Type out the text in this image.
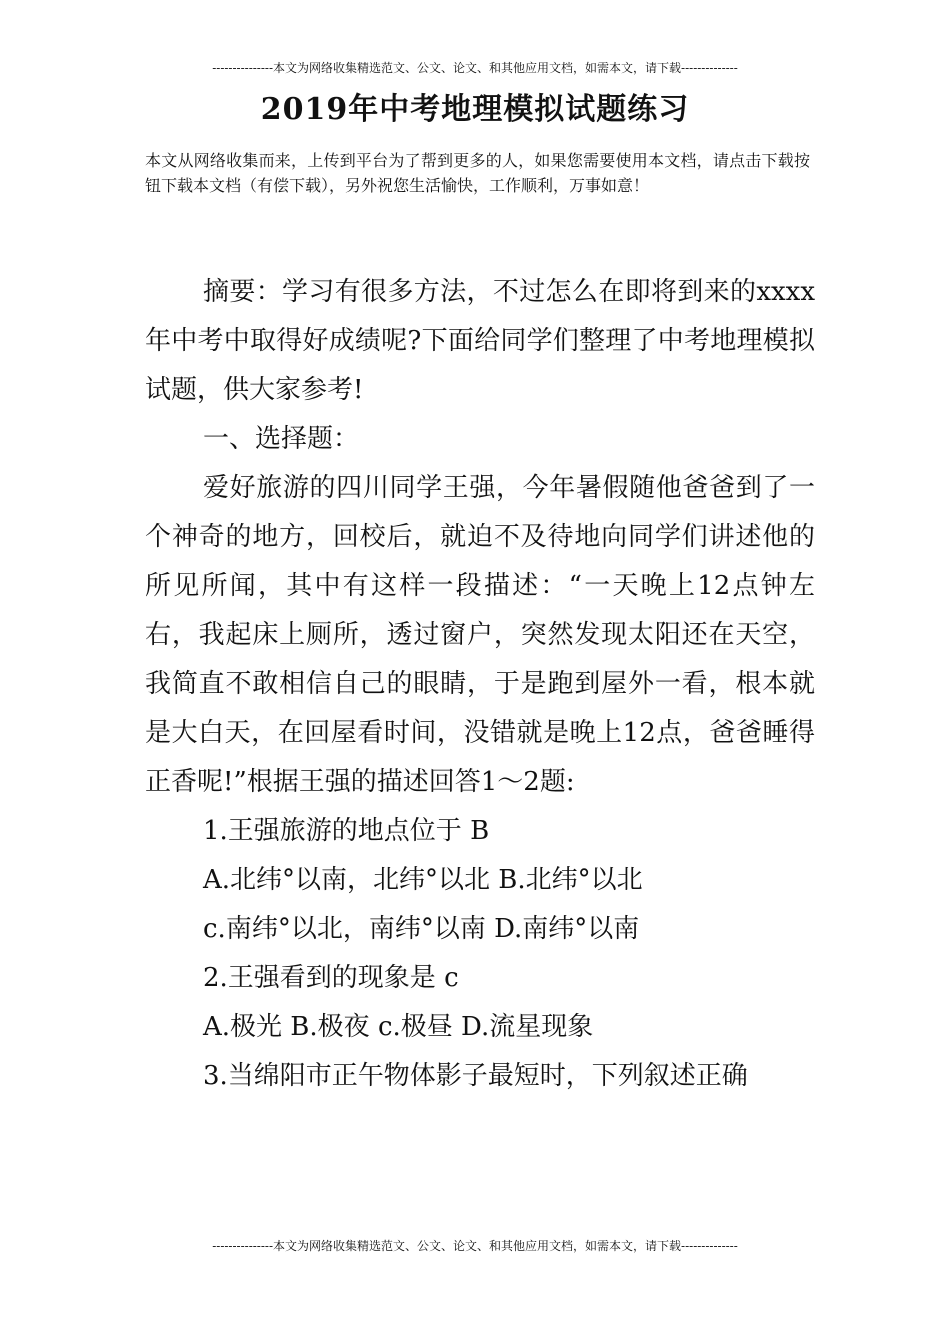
---------------本文为网络收集精选范文、公文、论文、和其他应用文档，如需本文，请下载--------------
2019年中考地理模拟试题练习
本文从网络收集而来，上传到平台为了帮到更多的人，如果您需要使用本文档，请点击下载按钮下载本文档（有偿下载），另外祝您生活愉快，工作顺利，万事如意！

摘要：学习有很多方法，不过怎么在即将到来的xxxx 年中考中取得好成绩呢?下面给同学们整理了中考地理模拟试题，供大家参考!

一、选择题：

爱好旅游的四川同学王强，今年暑假随他爸爸到了一个神奇的地方，回校后，就迫不及待地向同学们讲述他的所见所闻，其中有这样一段描述：“一天晚上12点钟左右，我起床上厕所，透过窗户，突然发现太阳还在天空，我简直不敢相信自己的眼睛，于是跑到屋外一看，根本就是大白天，在回屋看时间，没错就是晚上12点，爸爸睡得正香呢!”根据王强的描述回答1～2题:

1.王强旅游的地点位于 B

A.北纬°以南，北纬°以北 B.北纬°以北

c.南纬°以北，南纬°以南 D.南纬°以南

2.王强看到的现象是 c

A.极光 B.极夜 c.极昼 D.流星现象

3.当绵阳市正午物体影子最短时，下列叙述正确

---------------本文为网络收集精选范文、公文、论文、和其他应用文档，如需本文，请下载--------------
